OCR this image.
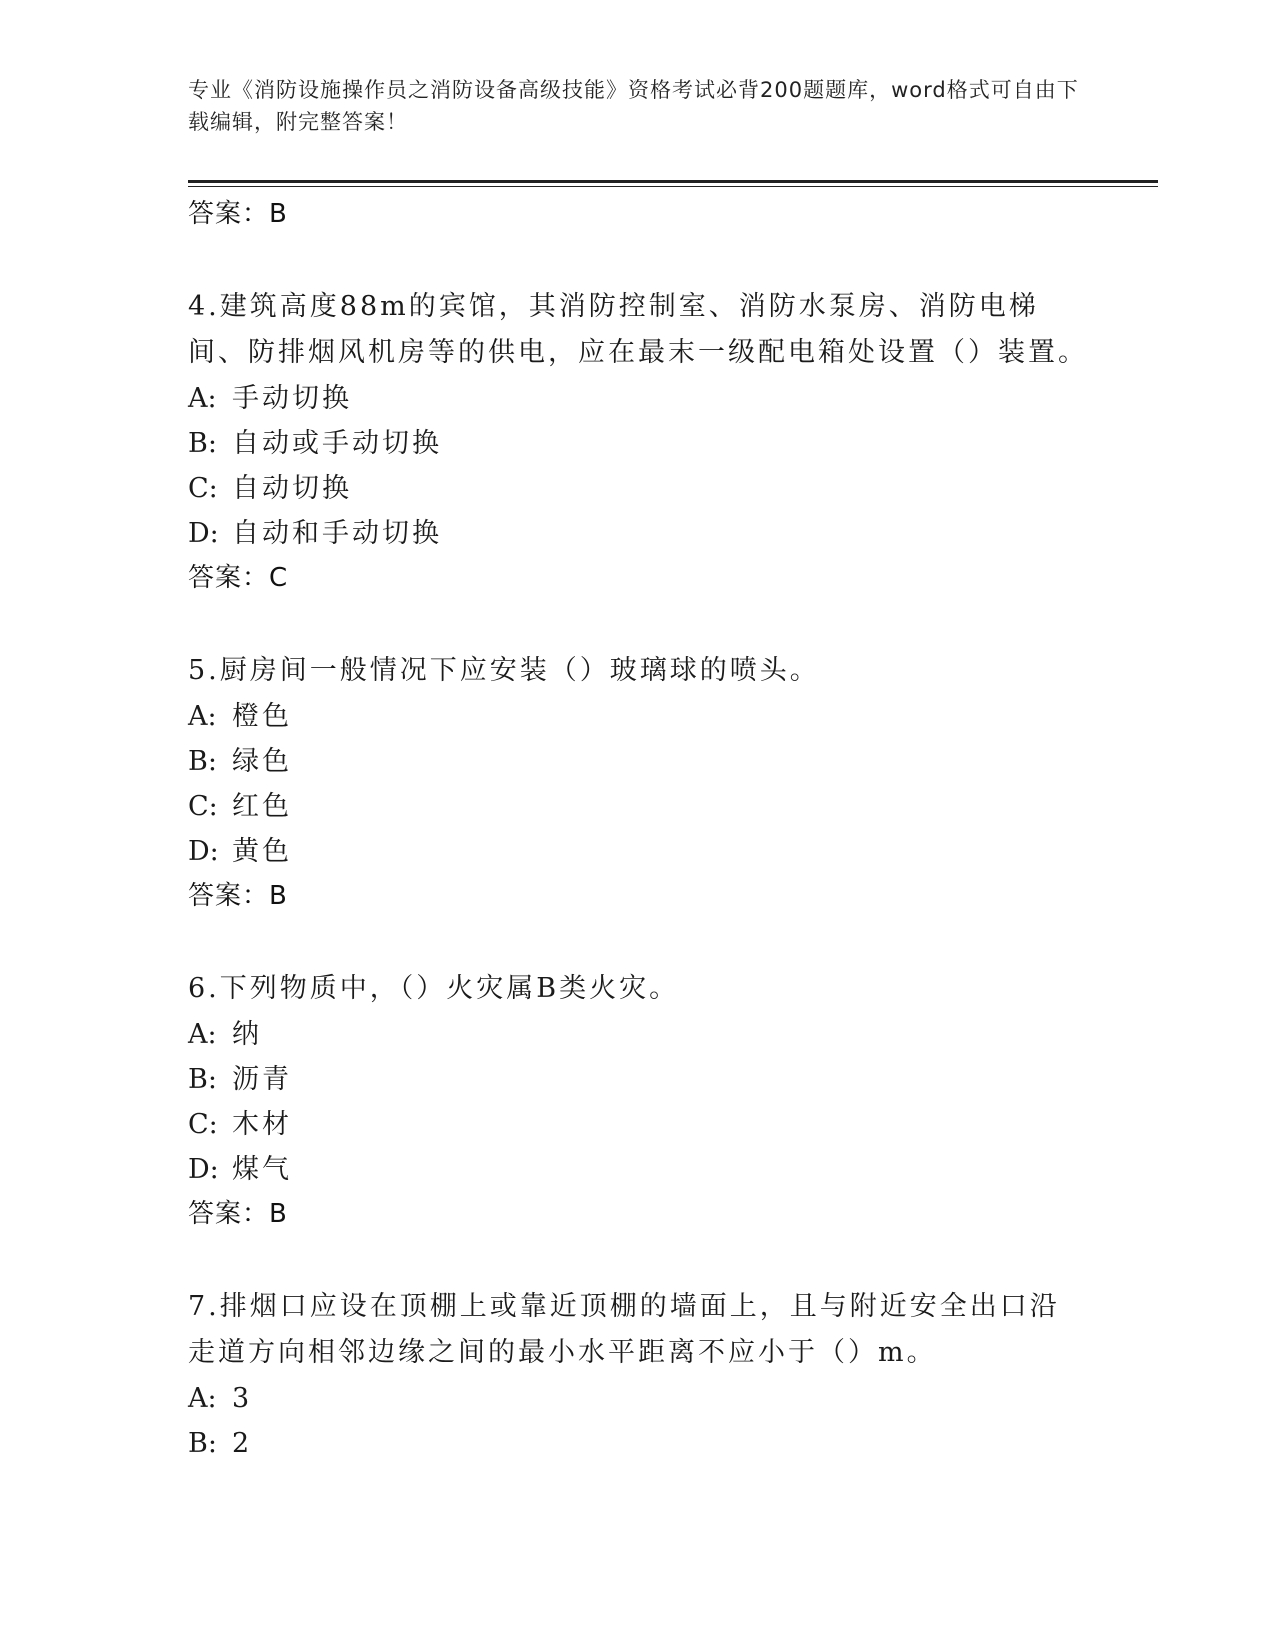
专业《消防设施操作员之消防设备高级技能》资格考试必背200题题库，word格式可自由下载编辑，附完整答案！
答案：B
4.建筑高度88m的宾馆，其消防控制室、消防水泵房、消防电梯间、防排烟风机房等的供电，应在最末一级配电箱处设置（）装置。
A: 手动切换
B: 自动或手动切换
C: 自动切换
D: 自动和手动切换
答案：C
5.厨房间一般情况下应安装（）玻璃球的喷头。
A: 橙色
B: 绿色
C: 红色
D: 黄色
答案：B
6.下列物质中，（）火灾属B类火灾。
A: 纳
B: 沥青
C: 木材
D: 煤气
答案：B
7.排烟口应设在顶棚上或靠近顶棚的墙面上，且与附近安全出口沿走道方向相邻边缘之间的最小水平距离不应小于（）m。
A: 3
B: 2
